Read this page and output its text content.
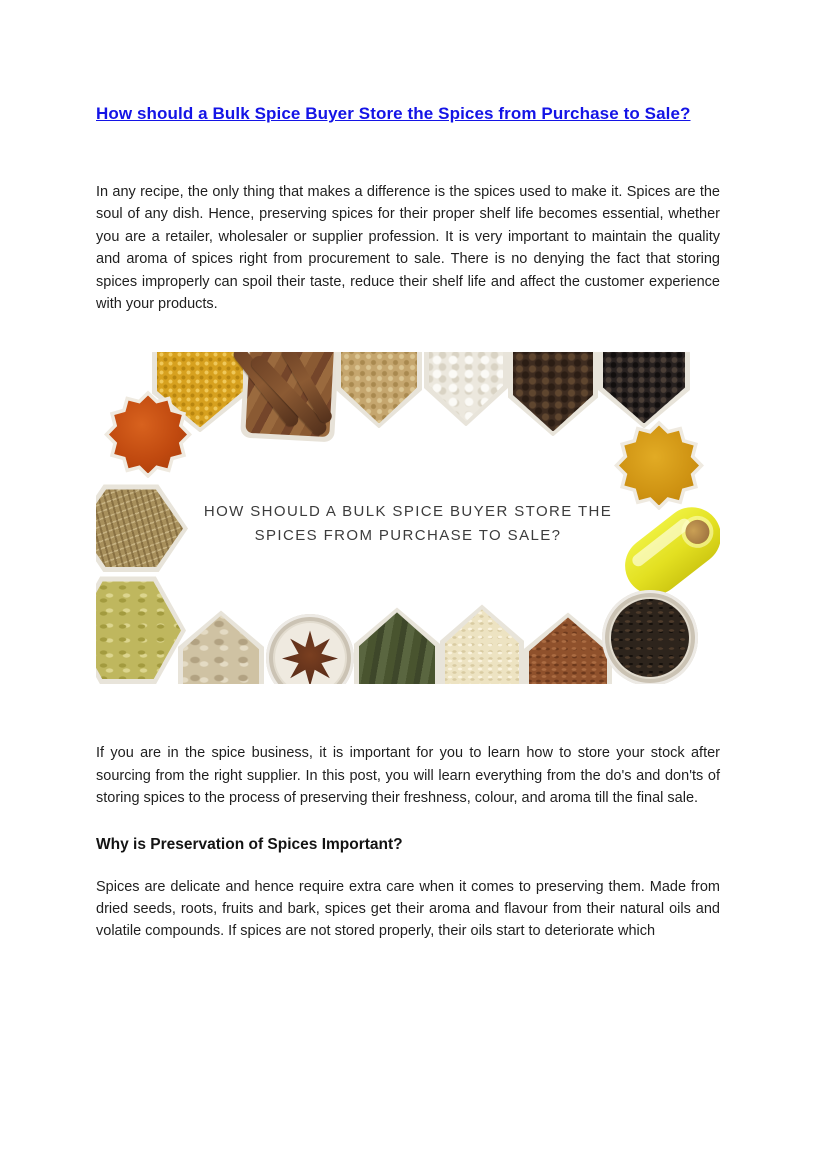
How should a Bulk Spice Buyer Store the Spices from Purchase to Sale?

In any recipe, the only thing that makes a difference is the spices used to make it. Spices are the soul of any dish. Hence, preserving spices for their proper shelf life becomes essential, whether you are a retailer, wholesaler or supplier profession. It is very important to maintain the quality and aroma of spices right from procurement to sale. There is no denying the fact that storing spices improperly can spoil their taste, reduce their shelf life and affect the customer experience with your products.

HOW SHOULD A BULK SPICE BUYER STORE THE
SPICES FROM PURCHASE TO SALE?

If you are in the spice business, it is important for you to learn how to store your stock after sourcing from the right supplier. In this post, you will learn everything from the do's and don'ts of storing spices to the process of preserving their freshness, colour, and aroma till the final sale.

Why is Preservation of Spices Important?

Spices are delicate and hence require extra care when it comes to preserving them. Made from dried seeds, roots, fruits and bark, spices get their aroma and flavour from their natural oils and volatile compounds. If spices are not stored properly, their oils start to deteriorate which
